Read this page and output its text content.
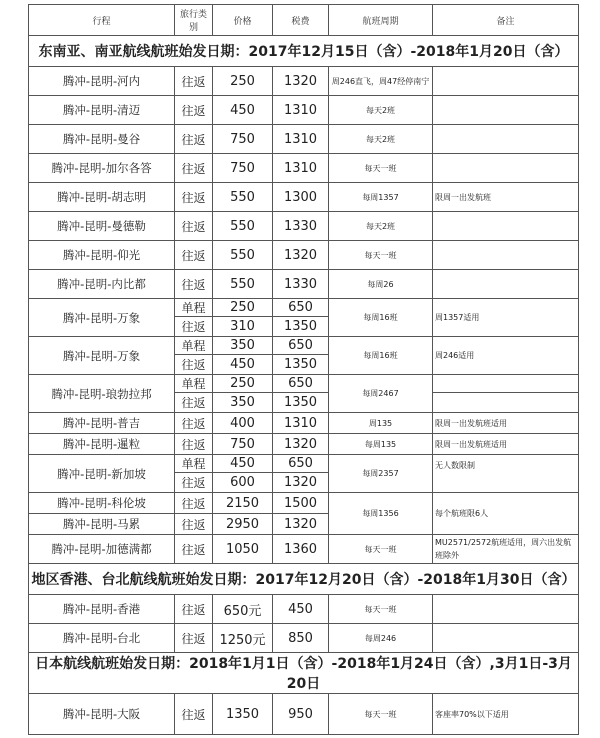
行程	旅行类别	价格	税费	航班周期	备注
东南亚、南亚航线航班始发日期：2017年12月15日（含）-2018年1月20日（含）					
腾冲-昆明-河内	往返	250	1320	周246直飞，周47经停南宁	
腾冲-昆明-清迈	往返	450	1310	每天2班	
腾冲-昆明-曼谷	往返	750	1310	每天2班	
腾冲-昆明-加尔各答	往返	750	1310	每天一班	
腾冲-昆明-胡志明	往返	550	1300	每周1357	限周一出发航班
腾冲-昆明-曼德勒	往返	550	1330	每天2班	
腾冲-昆明-仰光	往返	550	1320	每天一班	
腾冲-昆明-内比都	往返	550	1330	每周26	
腾冲-昆明-万象	单程	250	650	每周16班	周1357适用
	往返	310	1350		
腾冲-昆明-万象	单程	350	650	每周16班	周246适用
	往返	450	1350		
腾冲-昆明-琅勃拉邦	单程	250	650	每周2467	
	往返	350	1350		
腾冲-昆明-普吉	往返	400	1310	周135	限周一出发航班适用
腾冲-昆明-暹粒	往返	750	1320	每周135	限周一出发航班适用
腾冲-昆明-新加坡	单程	450	650	每周2357	无人数限制
	往返	600	1320		
腾冲-昆明-科伦坡	往返	2150	1500	每周1356	每个航班限6人
腾冲-昆明-马累	往返	2950	1320		
腾冲-昆明-加德满都	往返	1050	1360	每天一班	MU2571/2572航班适用，周六出发航班除外
地区香港、台北航线航班始发日期：2017年12月20日（含）-2018年1月30日（含）					
腾冲-昆明-香港	往返	650元	450	每天一班	
腾冲-昆明-台北	往返	1250元	850	每周246	
日本航线航班始发日期：2018年1月1日（含）-2018年1月24日（含）,3月1日-3月20日					
腾冲-昆明-大阪	往返	1350	950	每天一班	客座率70%以下适用
